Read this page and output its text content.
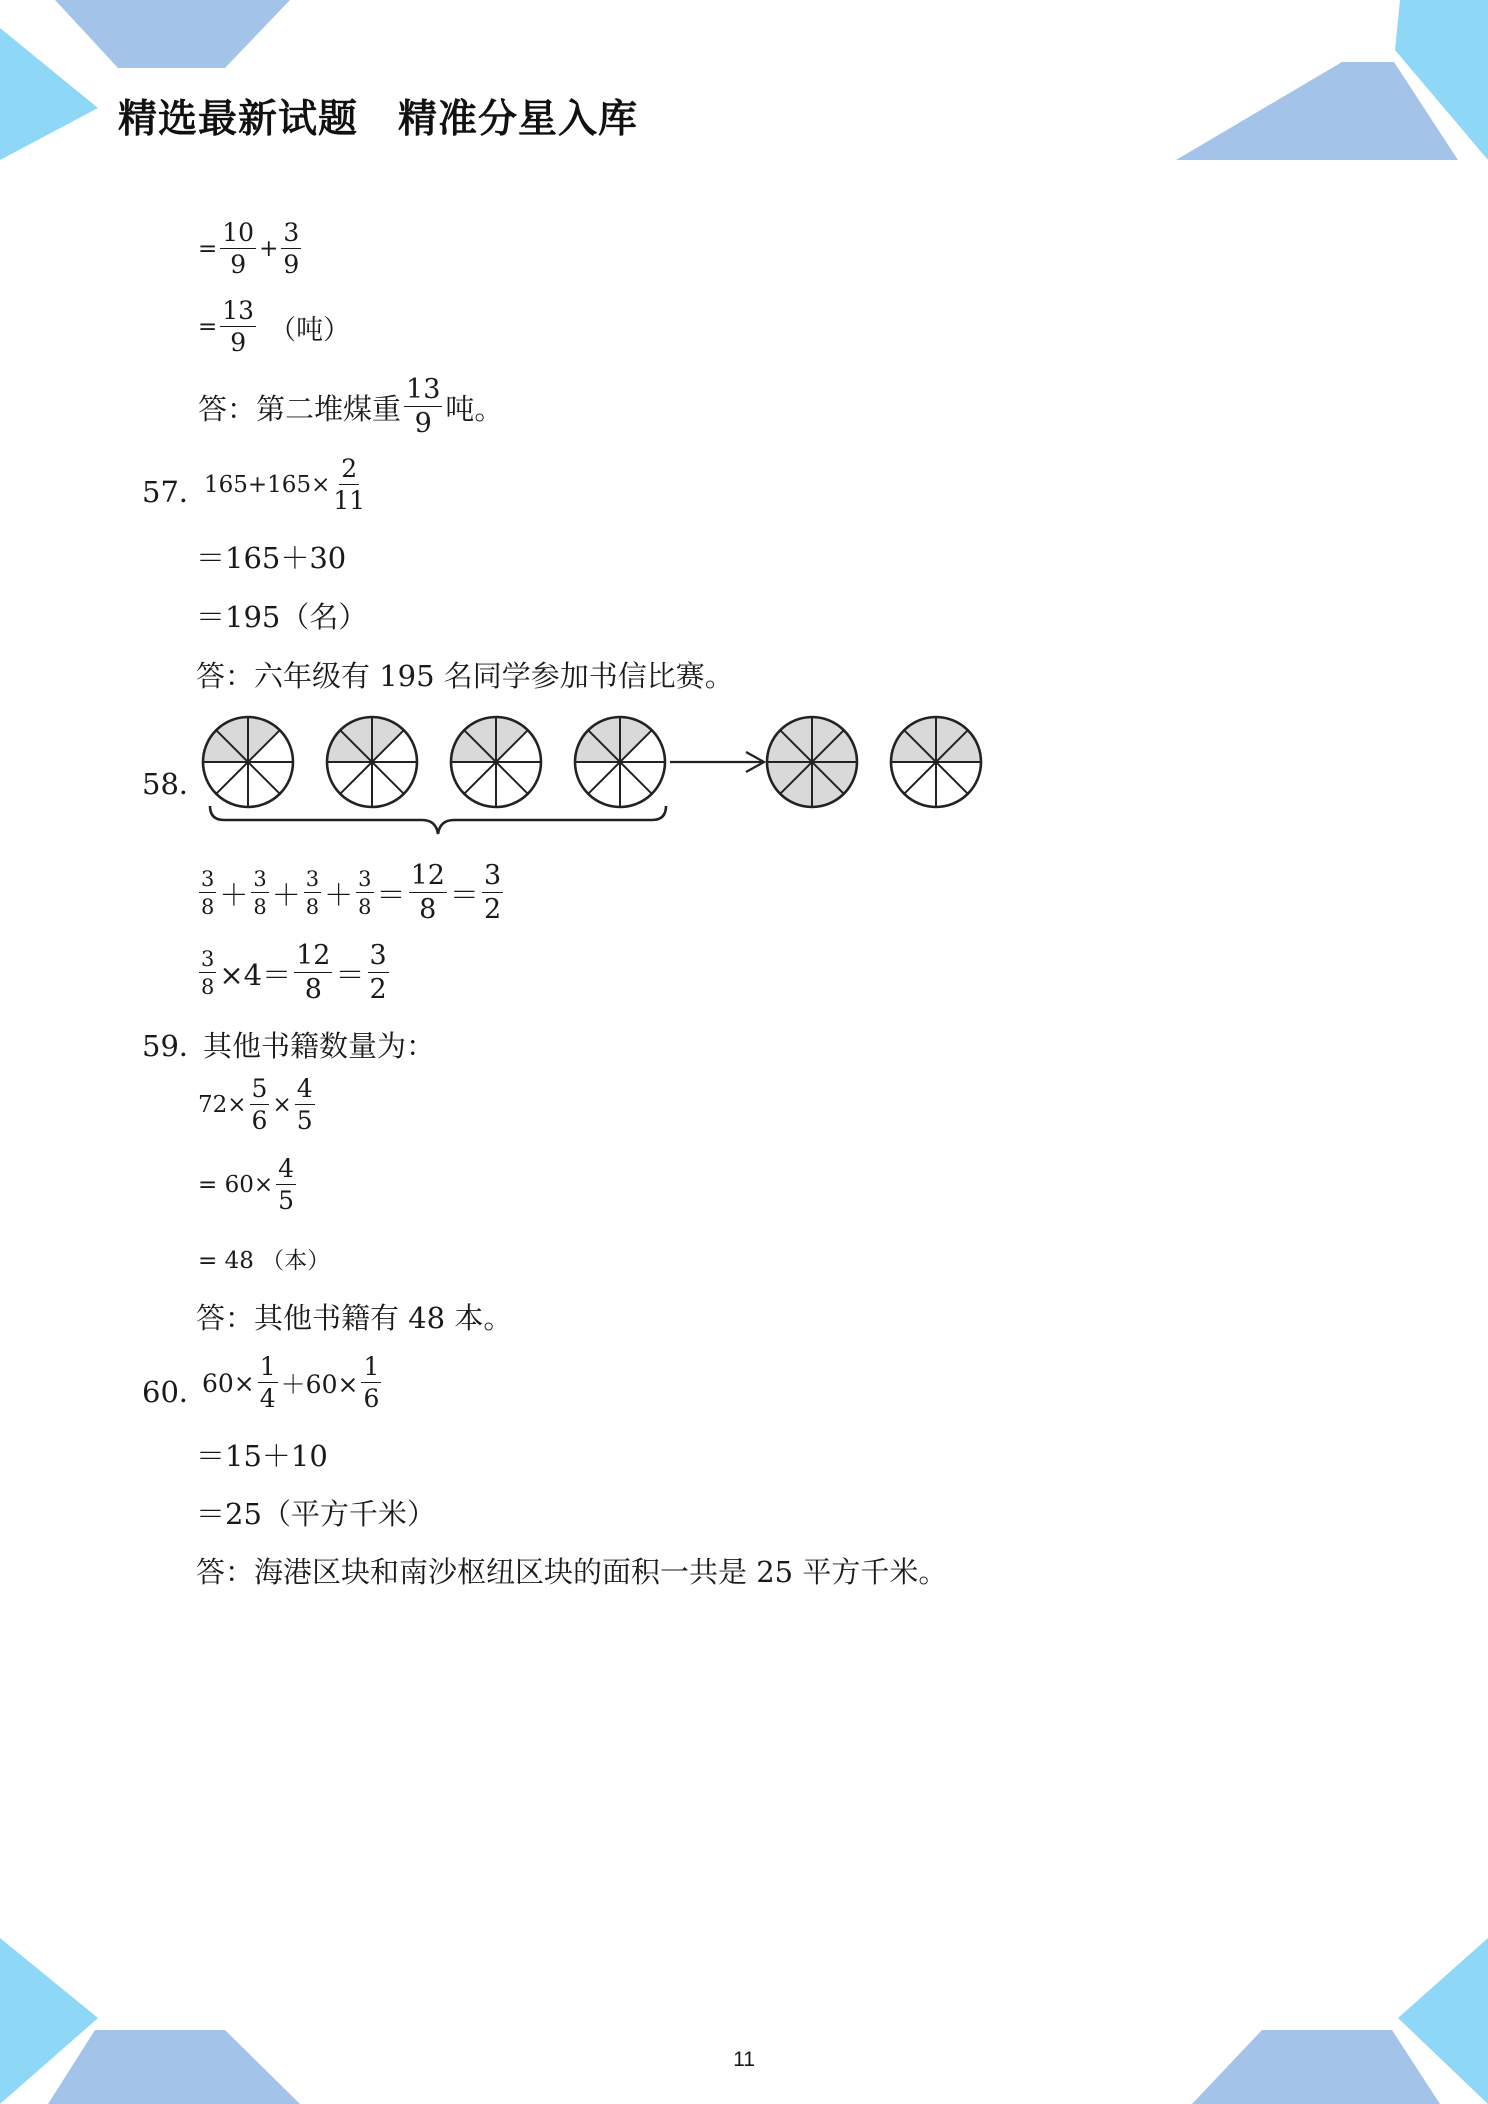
精选最新试题　精准分星入库
= $\frac{10}{9} + \frac{3}{9}$
= $\frac{13}{9}$ （吨）
答：第二堆煤重 $\frac{13}{9}$ 吨。
57．
$165+165\times \frac{2}{11}$
＝165＋30
＝195（名）
答：六年级有 195 名同学参加书信比赛。
58．
$\frac{3}{8} + \frac{3}{8} + \frac{3}{8} + \frac{3}{8} = \frac{12}{8} = \frac{3}{2}$
$\frac{3}{8} \times 4= \frac{12}{8} = \frac{3}{2}$
59．
其他书籍数量为：
$72\times \frac{5}{6} \times \frac{4}{5}$
= $60\times \frac{4}{5}$
= 48 （本）
答：其他书籍有 48 本。
60．
$60\times \frac{1}{4} +60\times \frac{1}{6}$
＝15＋10
＝25（平方千米）
答：海港区块和南沙枢纽区块的面积一共是 25 平方千米。
11
